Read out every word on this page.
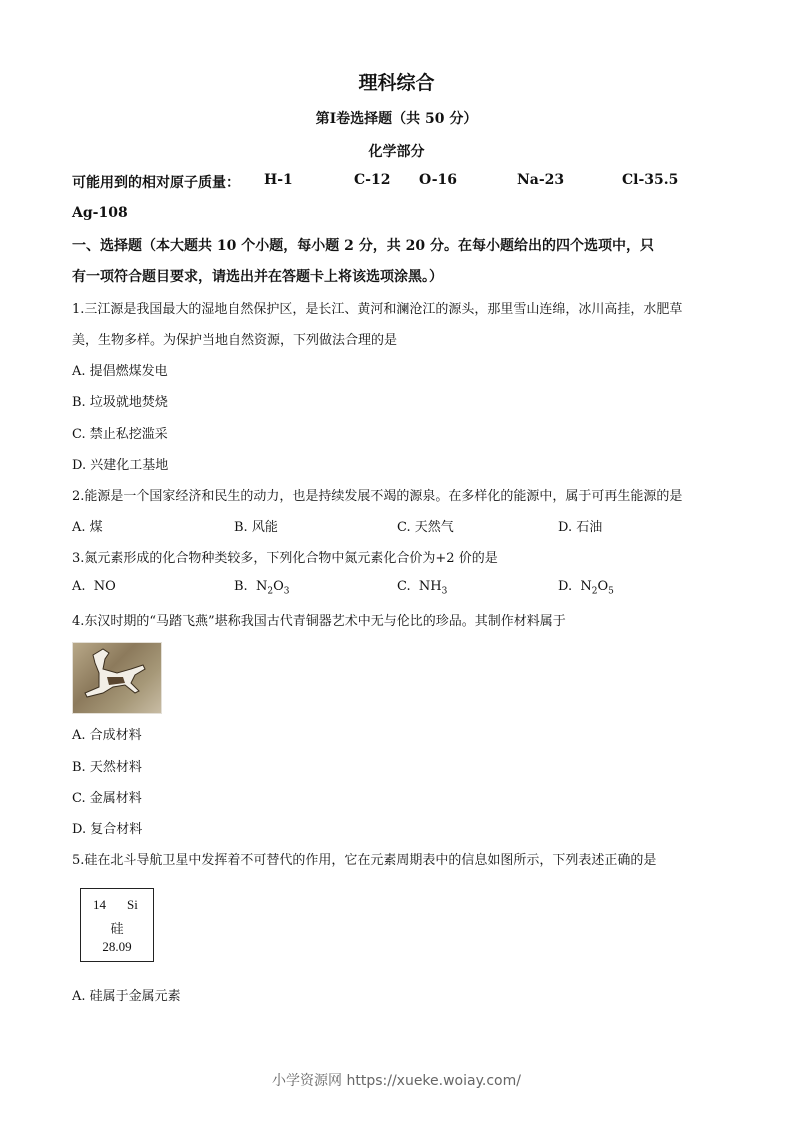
理科综合
第Ⅰ卷选择题（共 50 分）
化学部分
可能用到的相对原子质量： H-1	C-12 O-16	Na-23	Cl-35.5
Ag-108
一、选择题（本大题共 10 个小题，每小题 2 分，共 20 分。在每小题给出的四个选项中，只
有一项符合题目要求，请选出并在答题卡上将该选项涂黑。）
1.三江源是我国最大的湿地自然保护区，是长江、黄河和澜沧江的源头，那里雪山连绵，冰川高挂，水肥草
美，生物多样。为保护当地自然资源，下列做法合理的是
A. 提倡燃煤发电
B. 垃圾就地焚烧
C. 禁止私挖滥采
D. 兴建化工基地
2.能源是一个国家经济和民生的动力，也是持续发展不竭的源泉。在多样化的能源中，属于可再生能源的是
A. 煤	B. 风能	C. 天然气	D. 石油
3.氮元素形成的化合物种类较多，下列化合物中氮元素化合价为+2 价的是
A.  NO	B.  $N_2O_3$	C.  $NH_3$	D.  $N_2O_5$
4.东汉时期的“马踏飞燕”堪称我国古代青铜器艺术中无与伦比的珍品。其制作材料属于
A. 合成材料
B. 天然材料
C. 金属材料
D. 复合材料
5.硅在北斗导航卫星中发挥着不可替代的作用，它在元素周期表中的信息如图所示，下列表述正确的是
14 Si
硅
28.09
A. 硅属于金属元素
小学资源网 https://xueke.woiay.com/
